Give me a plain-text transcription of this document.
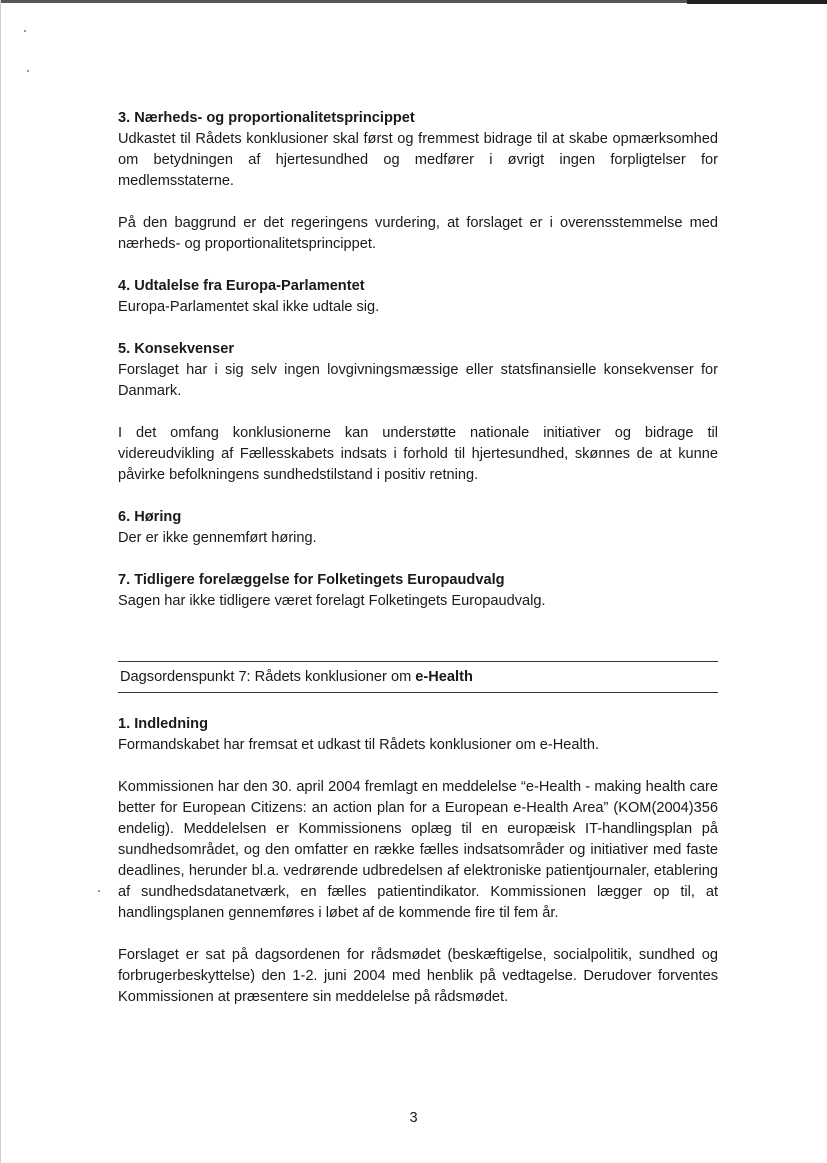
3. Nærheds- og proportionalitetsprincippet

Udkastet til Rådets konklusioner skal først og fremmest bidrage til at skabe opmærksomhed om betydningen af hjertesundhed og medfører i øvrigt ingen forpligtelser for medlemsstaterne.

På den baggrund er det regeringens vurdering, at forslaget er i overensstemmelse med nærheds- og proportionalitetsprincippet.

4. Udtalelse fra Europa-Parlamentet

Europa-Parlamentet skal ikke udtale sig.

5. Konsekvenser

Forslaget har i sig selv ingen lovgivningsmæssige eller statsfinansielle konsekvenser for Danmark.

I det omfang konklusionerne kan understøtte nationale initiativer og bidrage til videreudvikling af Fællesskabets indsats i forhold til hjertesundhed, skønnes de at kunne påvirke befolkningens sundhedstilstand i positiv retning.

6. Høring

Der er ikke gennemført høring.

7. Tidligere forelæggelse for Folketingets Europaudvalg

Sagen har ikke tidligere været forelagt Folketingets Europaudvalg.

Dagsordenspunkt 7: Rådets konklusioner om e-Health

1. Indledning

Formandskabet har fremsat et udkast til Rådets konklusioner om e-Health.

Kommissionen har den 30. april 2004 fremlagt en meddelelse “e-Health - making health care better for European Citizens: an action plan for a European e-Health Area” (KOM(2004)356 endelig). Meddelelsen er Kommissionens oplæg til en europæisk IT-handlingsplan på sundhedsområdet, og den omfatter en række fælles indsatsområder og initiativer med faste deadlines, herunder bl.a. vedrørende udbredelsen af elektroniske patientjournaler, etablering af sundhedsdatanetværk, en fælles patientindikator. Kommissionen lægger op til, at handlingsplanen gennemføres i løbet af de kommende fire til fem år.

Forslaget er sat på dagsordenen for rådsmødet (beskæftigelse, socialpolitik, sundhed og forbrugerbeskyttelse) den 1-2. juni 2004 med henblik på vedtagelse. Derudover forventes Kommissionen at præsentere sin meddelelse på rådsmødet.

3
